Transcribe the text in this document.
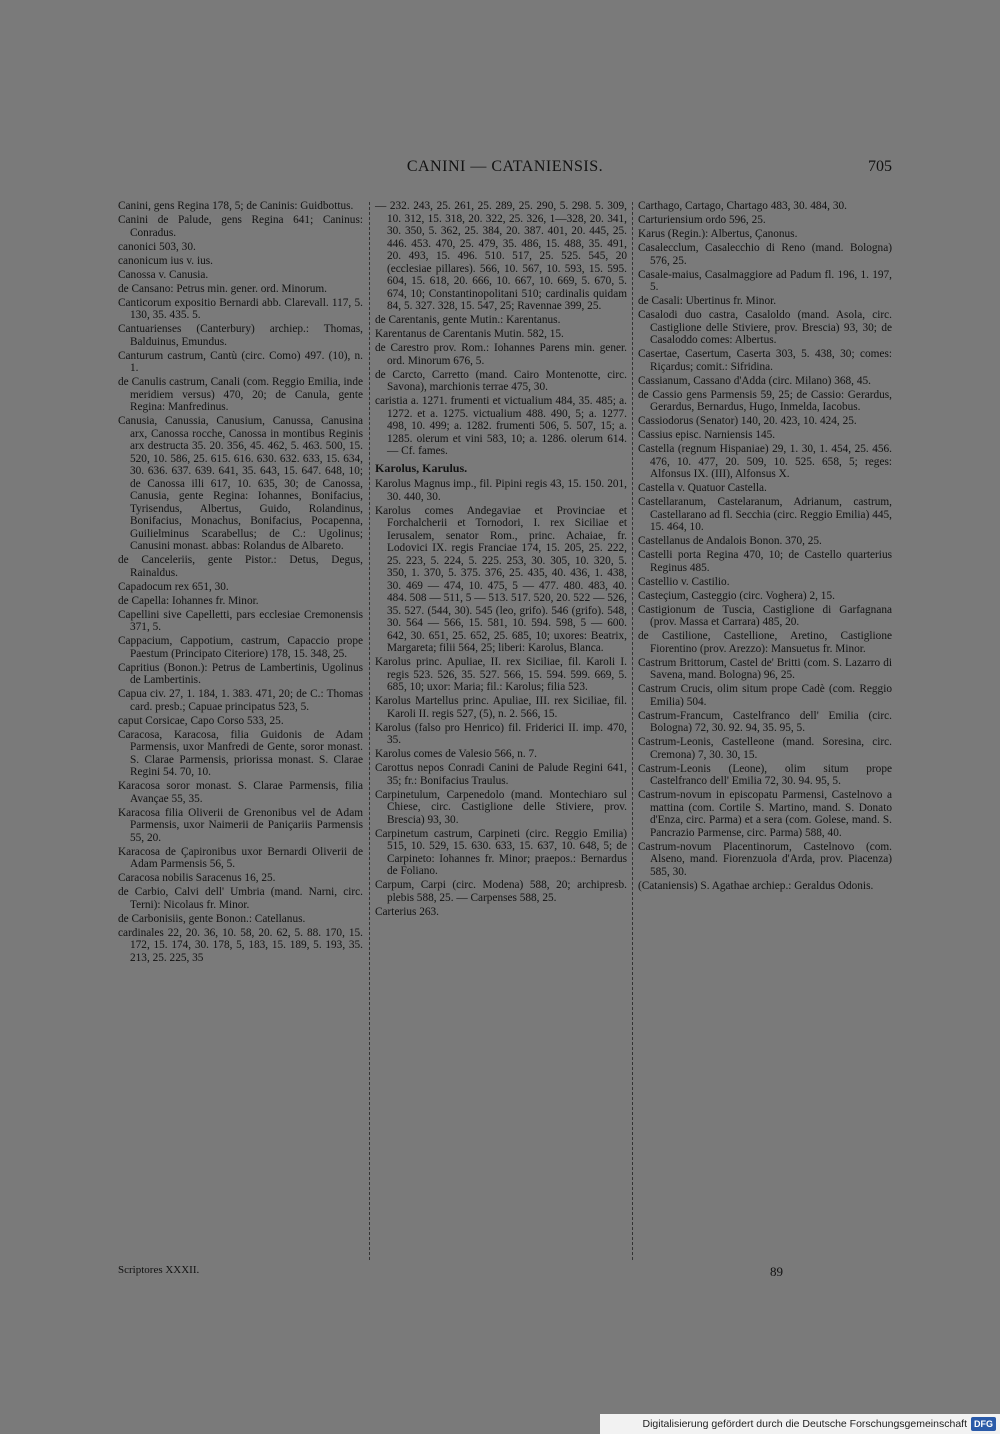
CANINI — CATANIENSIS.	705
Canini, gens Regina 178, 5; de Caninis: Guidbottus.
Canini de Palude, gens Regina 641; Caninus: Conradus.
canonici 503, 30.
canonicum ius v. ius.
Canossa v. Canusia.
de Cansano: Petrus min. gener. ord. Minorum.
Canticorum expositio Bernardi abb. Clarevall. 117, 5. 130, 35. 435. 5.
Cantuarienses (Canterbury) archiep.: Thomas, Balduinus, Emundus.
Canturum castrum, Cantù (circ. Como) 497. (10), n. 1.
de Canulis castrum, Canali (com. Reggio Emilia, inde meridiem versus) 470, 20; de Canula, gente Regina: Manfredinus.
Canusia, Canussia, Canusium, Canussa, Canusina arx, Canossa rocche, Canossa in montibus Reginis arx destructa 35. 20. 356, 45. 462, 5. 463. 500, 15. 520, 10. 586, 25. 615. 616. 630. 632. 633, 15. 634, 30. 636. 637. 639. 641, 35. 643, 15. 647. 648, 10; de Canossa illi 617, 10. 635, 30; de Canossa, Canusia, gente Regina: Iohannes, Bonifacius, Tyrisendus, Albertus, Guido, Rolandinus, Bonifacius, Monachus, Bonifacius, Pocapenna, Guilielminus Scarabellus; de C.: Ugolinus; Canusini monast. abbas: Rolandus de Albareto.
de Canceleriis, gente Pistor.: Detus, Degus, Rainaldus.
Capadocum rex 651, 30.
de Capella: Iohannes fr. Minor.
Capellini sive Capelletti, pars ecclesiae Cremonensis 371, 5.
Cappacium, Cappotium, castrum, Capaccio prope Paestum (Principato Citeriore) 178, 15. 348, 25.
Capritius (Bonon.): Petrus de Lambertinis, Ugolinus de Lambertinis.
Capua civ. 27, 1. 184, 1. 383. 471, 20; de C.: Thomas card. presb.; Capuae principatus 523, 5.
caput Corsicae, Capo Corso 533, 25.
Caracosa, Karacosa, filia Guidonis de Adam Parmensis, uxor Manfredi de Gente, soror monast. S. Clarae Parmensis, priorissa monast. S. Clarae Regini 54. 70, 10.
Karacosa soror monast. S. Clarae Parmensis, filia Avançae 55, 35.
Karacosa filia Oliverii de Grenonibus vel de Adam Parmensis, uxor Naimerii de Paniçariis Parmensis 55, 20.
Karacosa de Çapironibus uxor Bernardi Oliverii de Adam Parmensis 56, 5.
Caracosa nobilis Saracenus 16, 25.
de Carbio, Calvi dell' Umbria (mand. Narni, circ. Terni): Nicolaus fr. Minor.
de Carbonisiis, gente Bonon.: Catellanus.
cardinales 22, 20. 36, 10. 58, 20. 62, 5. 88. 170, 15. 172, 15. 174, 30. 178, 5, 183, 15. 189, 5. 193, 35. 213, 25. 225, 35
— 232. 243, 25. 261, 25. 289, 25. 290, 5. 298. 5. 309, 10. 312, 15. 318, 20. 322, 25. 326, 1—328, 20. 341, 30. 350, 5. 362, 25. 384, 20. 387. 401, 20. 445, 25. 446. 453. 470, 25. 479, 35. 486, 15. 488, 35. 491, 20. 493, 15. 496. 510. 517, 25. 525. 545, 20 (ecclesiae pillares). 566, 10. 567, 10. 593, 15. 595. 604, 15. 618, 20. 666, 10. 667, 10. 669, 5. 670, 5. 674, 10; Constantinopolitani 510; cardinalis quidam 84, 5. 327. 328, 15. 547, 25; Ravennae 399, 25.
de Carentanis, gente Mutin.: Karentanus.
Karentanus de Carentanis Mutin. 582, 15.
de Carestro prov. Rom.: Iohannes Parens min. gener. ord. Minorum 676, 5.
de Carcto, Carretto (mand. Cairo Montenotte, circ. Savona), marchionis terrae 475, 30.
caristia a. 1271. frumenti et victualium 484, 35. 485; a. 1272. et a. 1275. victualium 488. 490, 5; a. 1277. 498, 10. 499; a. 1282. frumenti 506, 5. 507, 15; a. 1285. olerum et vini 583, 10; a. 1286. olerum 614. — Cf. fames.
Karolus, Karulus.
Karolus Magnus imp., fil. Pipini regis 43, 15. 150. 201, 30. 440, 30.
Karolus comes Andegaviae et Provinciae et Forchalcherii et Tornodori, I. rex Siciliae et Ierusalem, senator Rom., princ. Achaiae, fr. Lodovici IX. regis Franciae 174, 15. 205, 25. 222, 25. 223, 5. 224, 5. 225. 253, 30. 305, 10. 320, 5. 350, 1. 370, 5. 375. 376, 25. 435, 40. 436, 1. 438, 30. 469 — 474, 10. 475, 5 — 477. 480. 483, 40. 484. 508 — 511, 5 — 513. 517. 520, 20. 522 — 526, 35. 527. (544, 30). 545 (leo, grifo). 546 (grifo). 548, 30. 564 — 566, 15. 581, 10. 594. 598, 5 — 600. 642, 30. 651, 25. 652, 25. 685, 10; uxores: Beatrix, Margareta; filii 564, 25; liberi: Karolus, Blanca.
Karolus princ. Apuliae, II. rex Siciliae, fil. Karoli I. regis 523. 526, 35. 527. 566, 15. 594. 599. 669, 5. 685, 10; uxor: Maria; fil.: Karolus; filia 523.
Karolus Martellus princ. Apuliae, III. rex Siciliae, fil. Karoli II. regis 527, (5), n. 2. 566, 15.
Karolus (falso pro Henrico) fil. Friderici II. imp. 470, 35.
Karolus comes de Valesio 566, n. 7.
Carottus nepos Conradi Canini de Palude Regini 641, 35; fr.: Bonifacius Traulus.
Carpinetulum, Carpenedolo (mand. Montechiaro sul Chiese, circ. Castiglione delle Stiviere, prov. Brescia) 93, 30.
Carpinetum castrum, Carpineti (circ. Reggio Emilia) 515, 10. 529, 15. 630. 633, 15. 637, 10. 648, 5; de Carpineto: Iohannes fr. Minor; praepos.: Bernardus de Foliano.
Carpum, Carpi (circ. Modena) 588, 20; archipresb. plebis 588, 25. — Carpenses 588, 25.
Carterius 263.
Carthago, Cartago, Chartago 483, 30. 484, 30.
Carturiensium ordo 596, 25.
Karus (Regin.): Albertus, Çanonus.
Casalecclum, Casalecchio di Reno (mand. Bologna) 576, 25.
Casale-maius, Casalmaggiore ad Padum fl. 196, 1. 197, 5.
de Casali: Ubertinus fr. Minor.
Casalodi duo castra, Casaloldo (mand. Asola, circ. Castiglione delle Stiviere, prov. Brescia) 93, 30; de Casaloddo comes: Albertus.
Casertae, Casertum, Caserta 303, 5. 438, 30; comes: Riçardus; comit.: Sifridina.
Cassianum, Cassano d'Adda (circ. Milano) 368, 45.
de Cassio gens Parmensis 59, 25; de Cassio: Gerardus, Gerardus, Bernardus, Hugo, Inmelda, Iacobus.
Cassiodorus (Senator) 140, 20. 423, 10. 424, 25.
Cassius episc. Narniensis 145.
Castella (regnum Hispaniae) 29, 1. 30, 1. 454, 25. 456. 476, 10. 477, 20. 509, 10. 525. 658, 5; reges: Alfonsus IX. (III), Alfonsus X.
Castella v. Quatuor Castella.
Castellaranum, Castelaranum, Adrianum, castrum, Castellarano ad fl. Secchia (circ. Reggio Emilia) 445, 15. 464, 10.
Castellanus de Andalois Bonon. 370, 25.
Castelli porta Regina 470, 10; de Castello quarterius Reginus 485.
Castellio v. Castilio.
Casteçium, Casteggio (circ. Voghera) 2, 15.
Castigionum de Tuscia, Castiglione di Garfagnana (prov. Massa et Carrara) 485, 20.
de Castilione, Castellione, Aretino, Castiglione Fiorentino (prov. Arezzo): Mansuetus fr. Minor.
Castrum Brittorum, Castel de' Britti (com. S. Lazarro di Savena, mand. Bologna) 96, 25.
Castrum Crucis, olim situm prope Cadè (com. Reggio Emilia) 504.
Castrum-Francum, Castelfranco dell' Emilia (circ. Bologna) 72, 30. 92. 94, 35. 95, 5.
Castrum-Leonis, Castelleone (mand. Soresina, circ. Cremona) 7, 30. 30, 15.
Castrum-Leonis (Leone), olim situm prope Castelfranco dell' Emilia 72, 30. 94. 95, 5.
Castrum-novum in episcopatu Parmensi, Castelnovo a mattina (com. Cortile S. Martino, mand. S. Donato d'Enza, circ. Parma) et a sera (com. Golese, mand. S. Pancrazio Parmense, circ. Parma) 588, 40.
Castrum-novum Placentinorum, Castelnovo (com. Alseno, mand. Fiorenzuola d'Arda, prov. Piacenza) 585, 30.
(Cataniensis) S. Agathae archiep.: Geraldus Odonis.
Scriptores XXXII.	89
Digitalisierung gefördert durch die Deutsche Forschungsgemeinschaft DFG
